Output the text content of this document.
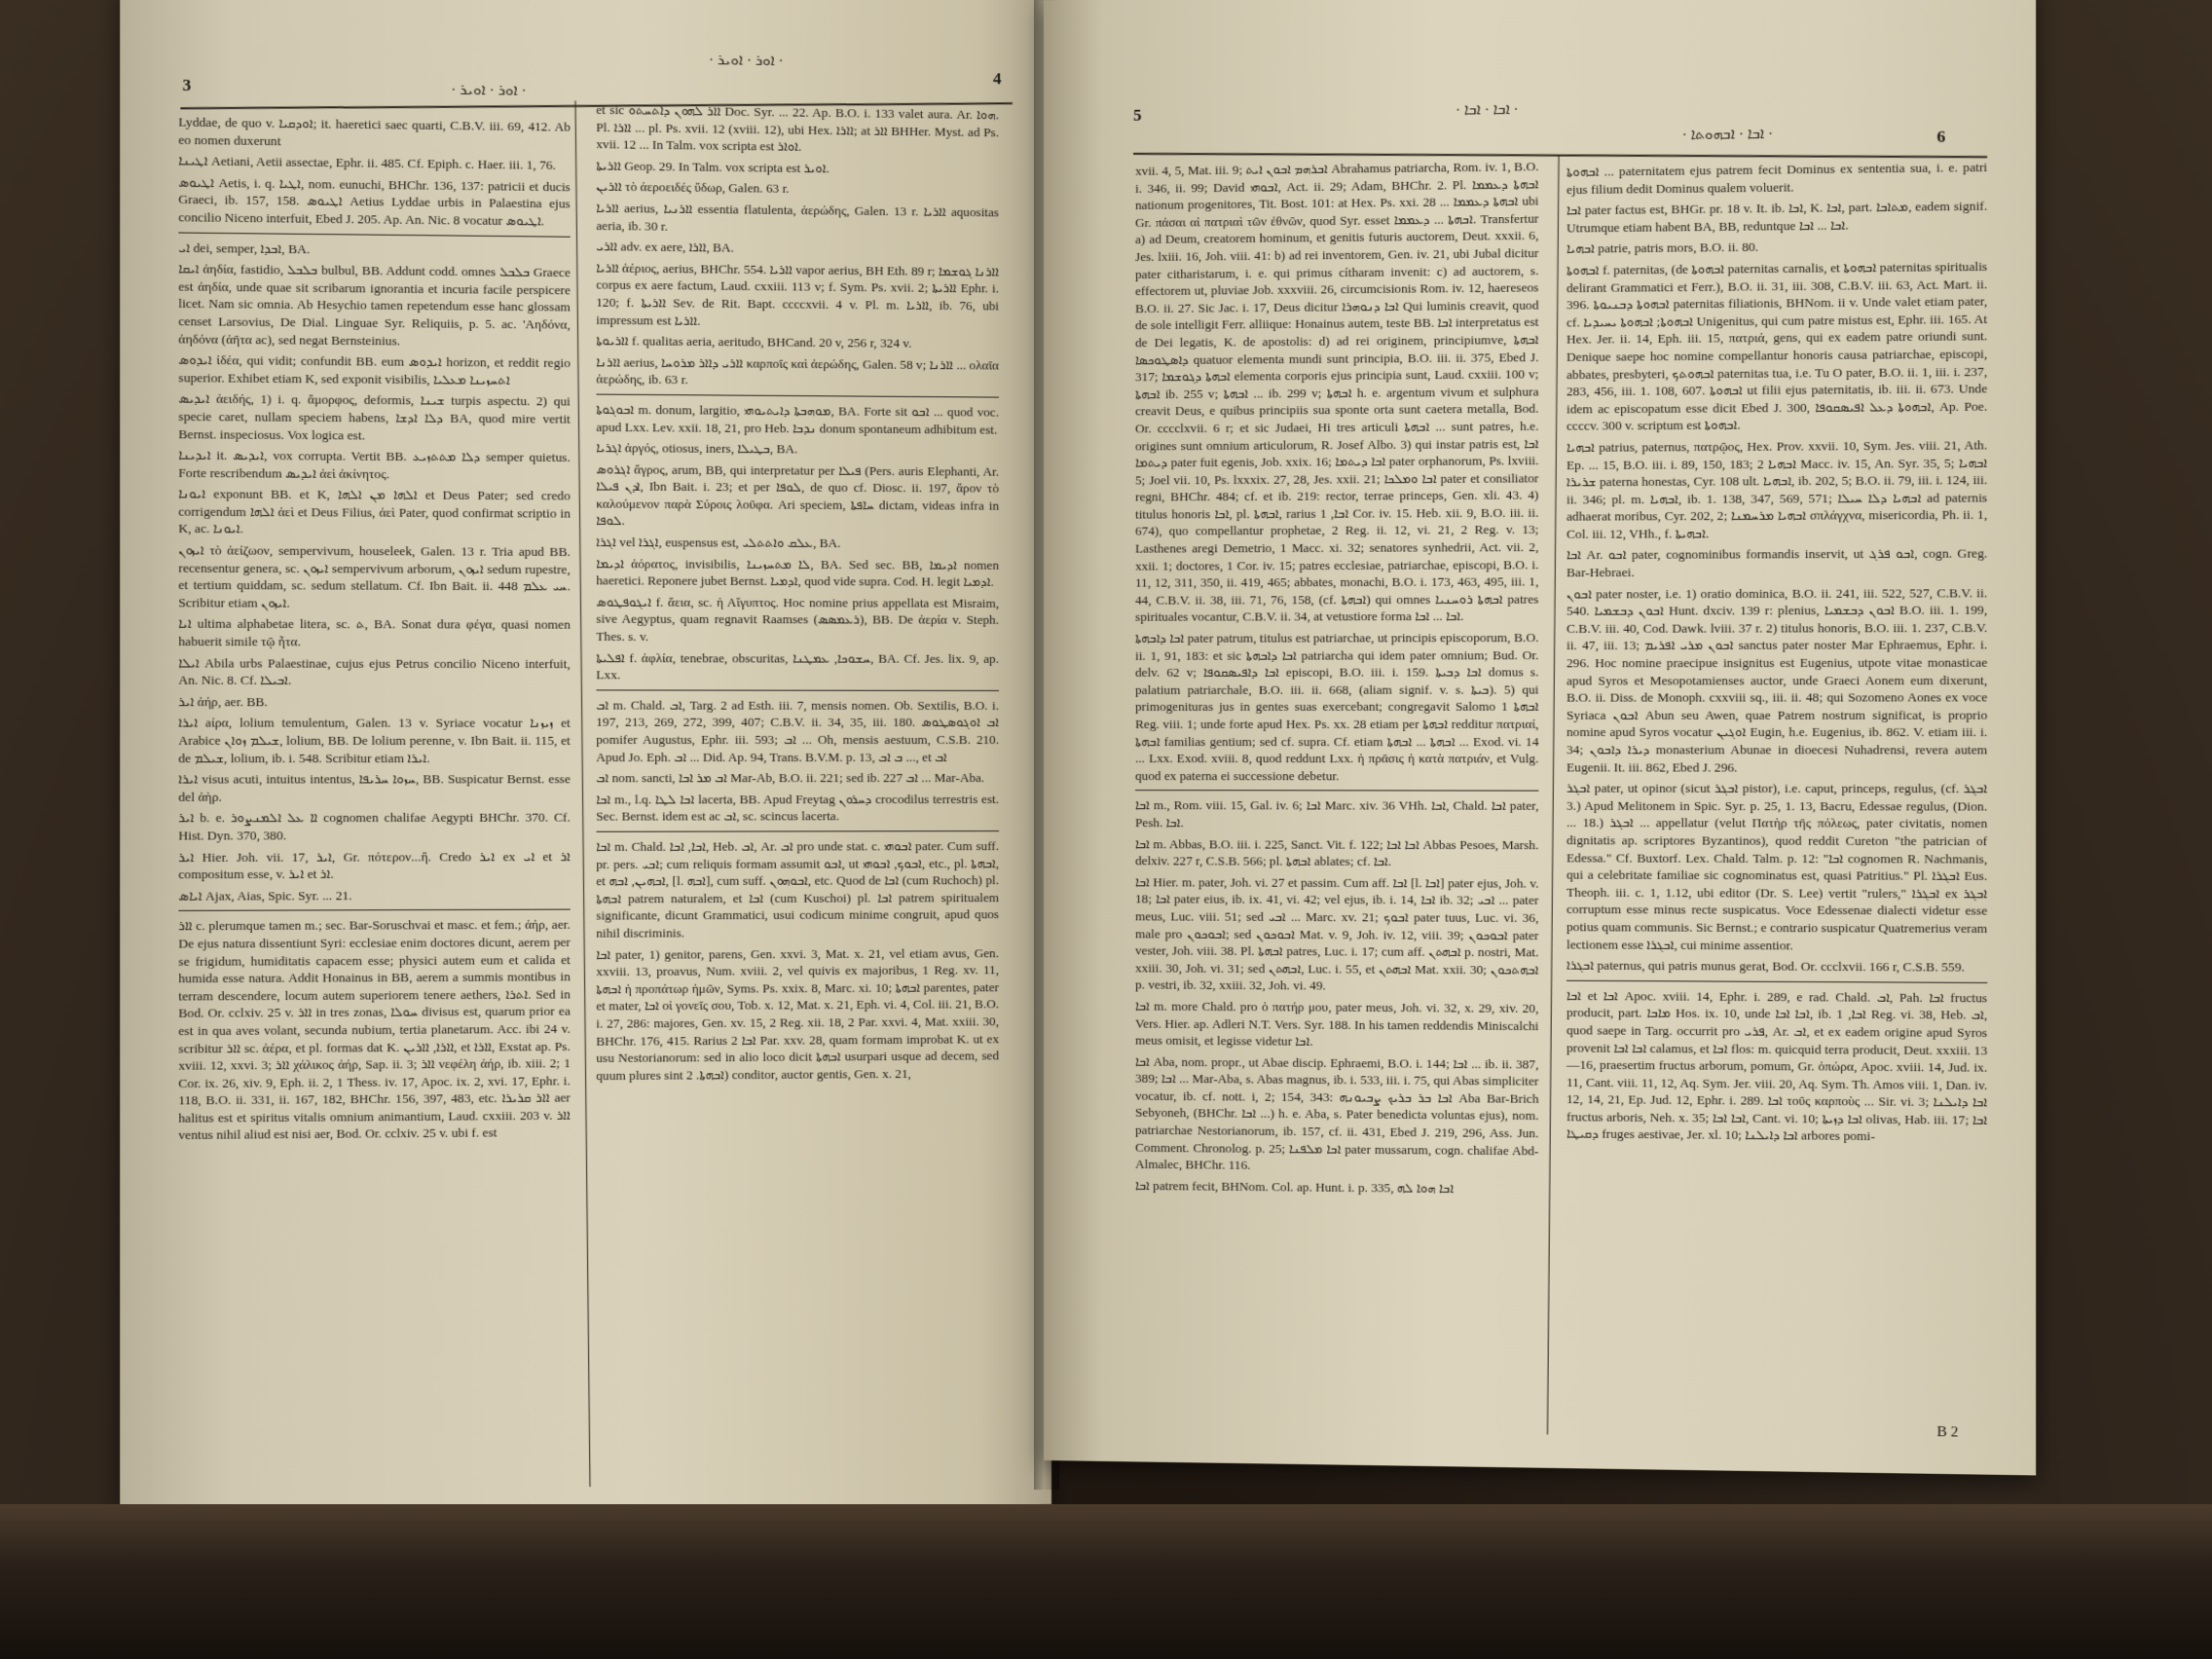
3	· ܐܘܪ · ܐܘܝܪ ·
· ܐܘܪ · ܐܘܝܪ ·
4

Lyddae, de quo v. ܐܘܕܩܝܐ; it. haeretici saec quarti, C.B.V. iii. 69, 412. Ab eo nomen duxerunt

ܐܛܝܢܐ Aetiani, Aetii assectae, Ephr. ii. 485. Cf. Epiph. c. Haer. iii. 1, 76.

ܐܛܝܘܣ Aetis, i. q. ܐܛܝܐ, nom. eunuchi, BHChr. 136, 137: patricii et ducis Graeci, ib. 157, 158. ܐܛܝܘܣ Aetius Lyddae urbis in Palaestina ejus concilio Niceno interfuit, Ebed J. 205. Ap. An. Nic. 8 vocatur ܐܛܝܘܣ.

ܐܝ dei, semper, ܐܒܕܐ, BA.

ܐܝܩܐ ἀηδία, fastidio, ܒܠܒܠ bulbul, BB. Addunt codd. omnes ܒܠܒܠ Graece est ἀηδία, unde quae sit scribarum ignorantia et incuria facile perspicere licet. Nam sic omnia. Ab Hesychio tamen repetendum esse hanc glossam censet Larsovius, De Dial. Linguae Syr. Reliquiis, p. 5. ac. 'Αηδόνα, ἀηδόνα (ἀῆτα ac), sed negat Bernsteinius.

ܐܝܕܘܣ ἰδέα, qui vidit; confundit BB. eum ܐܝܕܘܣ horizon, et reddit regio superior. Exhibet etiam K, sed exponit visibilis, ܐܬܚܙܝܢܐ ܡܥܠܝܐ

ܐܝܕܝܣ ἀειδής, 1) i. q. ἄμορφος, deformis, ܫܝܢܐ turpis aspectu. 2) qui specie caret, nullam speciem habens, ܕܠܐ ܐܕܫܐ BA, quod mire vertit Bernst. inspeciosus. Vox logica est.

ܐܝܕܝܢܐ it. ܐܝܕܝܣ, vox corrupta. Vertit BB. ܕܠܐ ܡܬܬܙܝܥ semper quietus. Forte rescribendum ܐܝܕܝܣ ἀεὶ ἀκίνητος.

ܐܝܘܢܐ exponunt BB. et K, ܐܠܗܐ ܡܢ ܐܠܗܐ et Deus Pater; sed credo corrigendum ܐܠܗܐ ἀεὶ et Deus Filius, ἀεὶ Pater, quod confirmat scriptio in K, ac. ܐܝܘܢܐ.

ܐܝܙܘܢ τὸ ἀείζωον, sempervivum, houseleek, Galen. 13 r. Tria apud BB. recensentur genera, sc. ܐܝܙܘܢ sempervivum arborum, ܐܝܙܘܢ sedum rupestre, et tertium quiddam, sc. sedum stellatum. Cf. Ibn Bait. ii. 448 ܚܝ ܥܠܡ. Scribitur etiam ܐܝܙܘܢ.

ܐܝܐ ultima alphabetae litera, sc. ܬ, BA. Sonat dura φέγα, quasi nomen habuerit simile τῷ ἦτα.

ܐܝܠܐ Abila urbs Palaestinae, cujus ejus Petrus concilio Niceno interfuit, An. Nic. 8. Cf. ܐܒܝܠܐ.

ܐܝܪ ἀήρ, aer. BB.

ܐܝܪܐ aίρα, lolium temulentum, Galen. 13 v. Syriace vocatur ܙܝܙܢܐ et Arabice ܫܝܠܡ ܙܘܐܢ, lolium, BB. De lolium perenne, v. Ibn Bait. ii. 115, et de ܫܝܠܡ, lolium, ib. i. 548. Scribitur etiam ܐܝܪܐ.

ܐܝܪܐ visus acuti, intuitus intentus, ܚܙܘܐ ܚܪܝܦܐ, BB. Suspicatur Bernst. esse del ἀὴρ.

ܐܝܪ b. e. ܐܐ ܥܠ ܐܠܡܢܨܘܪ cognomen chalifae Aegypti BHChr. 370. Cf. Hist. Dyn. 370, 380.

ܐܝܪ Hier. Joh. vii. 17, ܐܝܪ, Gr. πότερον...ἢ. Credo ܐܝܪ ex ܐܝ et ܐܪ compositum esse, v. ܐܝܪ et ܐܪ.

ܐܝܐܣ Ajax, Aias, Spic. Syr. ... 21.

ܐܐܪ c. plerumque tamen m.; sec. Bar-Soruschvai et masc. et fem.; ἀήρ, aer. De ejus natura dissentiunt Syri: ecclesiae enim doctores dicunt, aerem per se frigidum, humiditatis capacem esse; physici autem eum et calida et humida esse natura. Addit Honainus in BB, aerem a summis montibus in terram descendere, locum autem superiorem tenere aethers, ܐܬܪܐ. Sed in Bod. Or. cclxiv. 25 v. ܐܐܪ in tres zonas, ܚܘܠܐ divisus est, quarum prior ea est in qua aves volant, secunda nubium, tertia planetarum. Acc. ibi 24 v. scribitur ܐܐܪ sc. ἀέρα, et pl. formas dat K. ܐܐܪܐ, ܐܐܪܝܢ, et ܐܐܪܐ, Exstat ap. Ps. xviii. 12, xxvi. 3; ܐܐܪ χάλικος ἀήρ, Sap. ii. 3; ܐܐܪ νεφέλη ἀήρ, ib. xiii. 2; 1 Cor. ix. 26, xiv. 9, Eph. ii. 2, 1 Thess. iv. 17, Apoc. ix. 2, xvi. 17, Ephr. i. 118, B.O. ii. 331, ii. 167, 182, BHChr. 156, 397, 483, etc. ܐܐܪ ܩܪܝܪܐ aer halitus est et spiritus vitalis omnium animantium, Laud. cxxiii. 203 v. ܐܐܪ ventus nihil aliud est nisi aer, Bod. Or. cclxiv. 25 v. ubi f. est

et sic ܐܐܪ ܠܗܘܢ ܕܐܬܚܬܘ Doc. Syr. ... 22. Ap. B.O. i. 133 valet aura. Ar. ܗܘܐ. Pl. ܐܐܪܐ ... pl. Ps. xvii. 12 (xviii. 12), ubi Hex. ܐܐܪܐ; at ܐܐܪ BHHer. Myst. ad Ps. xvii. 12 ... In Talm. vox scripta est ܐܘܐܪ.

ܐܐܪܝܬܐ Geop. 29. In Talm. vox scripta est ܐܘܝܪ.

ܐܐܪܝܢ τὸ ἀεροειδές ὕδωρ, Galen. 63 r.

ܐܐܪܝܐ aerius, ܐܐܪܢܝܐ essentia flatulenta, ἀερώδης, Galen. 13 r. ܐܐܪܝܐ aquositas aeria, ib. 30 r.

ܐܐܪܝ adv. ex aere, ܐܐܪܐ, BA.

ܐܐܪܝܐ ἀέριος, aerius, BHChr. 554. ܐܐܪܝܐ vapor aerius, BH Eth. 89 r; ܐܐܪܢܐ ܓܘܫܡܐ corpus ex aere factum, Laud. cxxiii. 113 v; f. Sym. Ps. xvii. 2; ܐܐܪܝܬܐ Ephr. i. 120; f. ܐܐܪܝܬܐ Sev. de Rit. Bapt. ccccxvii. 4 v. Pl. m. ܐܐܪܝܐ, ib. 76, ubi impressum est ܐܐܪܝܐ.

ܐܐܪܝܘܬܐ f. qualitas aeria, aeritudo, BHCand. 20 v, 256 r, 324 v.

ܐܐܪܢܐ aerius, ܐܐܪܝ ܕܐܐܪ ܡܪܘܚܐ καρποῖς καὶ ἀερώδης, Galen. 58 v; ܐܐܪܢܐ ... ολαῖα ἀερώδης, ib. 63 r.

ܐܒܘܓܘܬܐ m. donum, largitio, ܡܘܗܒܬܐ ܕܐܝܬܝܘܗܝ, BA. Forte sit ܐܒܘ ... quod voc. apud Lxx. Lev. xxii. 18, 21, pro Heb. ܢܕܒܐ donum spontaneum adhibitum est.

ܐܓܪܝܐ ἀργός, otiosus, iners, ܒܛܝܠܐ, BA.

ܐܓܪܘܣ ἄγρος, arum, BB, qui interpretatur per ܦܝܠܐ (Pers. auris Elephanti, Ar. ܐܕܢ ܦܝܠܐ, Ibn Bait. i. 23; et per ܠܘܦܐ, de quo cf. Diosc. ii. 197, ἄρον τὸ καλούμενον παρὰ Σύροις λοῦφα. Ari speciem, ܚܐܦܬܐ dictam, videas infra in ܠܘܦܐ.

ܐܓܪܐ vel ܐܓܪܐ, euspensus est, ܥܠܩ ܘܐܬܬܠܝ, BA.

ܐܕܝܡܐ ἀόρατος, invisibilis, ܠܐ ܡܬܚܙܝܢܐ, BA. Sed sec. BB, ܐܕܝܡܐ nomen haeretici. Reponere jubet Bernst. ܐܕܡܝܐ, quod vide supra. Cod. H. legit ܐܕܡܝܐ.

ܐܝܓܘܦܛܘܣ f. ἄεια, sc. ἡ Αἴγυπτος. Hoc nomine prius appellata est Misraim, sive Aegyptus, quam regnavit Raamses (ܪܥܡܣܣ), BB. De ἀερία v. Steph. Thes. s. v.

ܐܦܠܝܬܐ f. ἀφλία, tenebrae, obscuritas, ܚܫܘܟܐ, ܥܡܛܢܐ, BA. Cf. Jes. lix. 9, ap. Lxx.

ܐܒ m. Chald. ܐܒ, Targ. 2 ad Esth. iii. 7, mensis nomen. Ob. Sextilis, B.O. i. 197, 213, 269, 272, 399, 407; C.B.V. ii. 34, 35, iii. 180. ܐܒ ܐܘܓܘܣܛܘܣ pomifer Augustus, Ephr. iii. 593; ܐܒ ... Oh, mensis aestuum, C.S.B. 210. Apud Jo. Eph. ܐܒ ... Did. Ap. 94, Trans. B.V.M. p. 13, ܒ ܐܒ ..., et ܐܒ

ܐܒ nom. sancti, ܐܒ ܡܪ ܐܒܐ Mar-Ab, B.O. ii. 221; sed ib. 227 ܐܒ ... Mar-Aba.

ܐܒܐ m., l.q. ܐܒܐ ܠܛܐ lacerta, BB. Apud Freytag ܕܚܪܘܢ crocodilus terrestris est. Sec. Bernst. idem est ac ܐܒ, sc. scincus lacerta.

ܐܒܐ m. Chald. ܐܒܐ, ܐܒܐ, Heb. ܐܒ, Ar. ܐܒ pro unde stat. c. ܐܒܘܗܝ pater. Cum suff. pr. pers. ܐܒܝ; cum reliquis formam assumit ܐܒܘ, ut ܐܒܘܟ, ܐܒܘܗܝ, etc., pl. ܐܒܗܬܐ, et ܐܒܗܝܢ, ܐܒܗ, [l. ܐܒܗ], cum suff. ܐܒܘܗܘܢ, etc. Quod de ܐܒܐ (cum Ruchoch) pl. ܐܒܗܬܐ patrem naturalem, et ܐܒܐ (cum Kuschoi) pl. ܐܒܐ patrem spiritualem significante, dicunt Grammatici, usui codicum minime congruit, apud quos nihil discriminis.

ܐܒܐ pater, 1) genitor, parens, Gen. xxvi. 3, Mat. x. 21, vel etiam avus, Gen. xxviii. 13, proavus, Num. xviii. 2, vel quivis ex majoribus, 1 Reg. xv. 11, ܐܒܗܬܐ ἡ προπάτωρ ἡμῶν, Syms. Ps. xxix. 8, Marc. xi. 10; ܐܒܗܬܐ parentes, pater et mater, ܐܒܐ οἱ γονεῖς σου, Tob. x. 12, Mat. x. 21, Eph. vi. 4, Col. iii. 21, B.O. i. 27, 286: majores, Gen. xv. 15, 2 Reg. xii. 18, 2 Par. xxvi. 4, Mat. xxiii. 30, BHChr. 176, 415. Rarius ܐܒܐ 2 Par. xxv. 28, quam formam improbat K. ut ex usu Nestorianorum: sed in alio loco dicit ܐܒܗܬܐ usurpari usque ad decem, sed quum plures sint ܐܒܗܬܐ. 2) conditor, auctor gentis, Gen. x. 21,

5	· ܐܒܐ · ܐܒܐ ·
· ܐܒܐ · ܐܒܗܘܬܐ ·	6

xvii. 4, 5, Mat. iii. 9; ܐܒܪܗܡ ܐܒܘܢ ܐܝܬ Abrahamus patriarcha, Rom. iv. 1, B.O. i. 346, ii. 99; David ܐܒܘܗܝ, Act. ii. 29; Adam, BHChr. 2. Pl. ܐܒܗܬܐ ܕܥܡܡܐ nationum progenitores, Tit. Bost. 101: at Hex. Ps. xxi. 28 ... ܐܒܗܬܐ ܕܥܡܡܐ ubi Gr. πάσαι αἱ πατριαὶ τῶν ἐθνῶν, quod Syr. esset ܐܒܗܬܐ ... ܕܥܡܡܐ. Transfertur a) ad Deum, creatorem hominum, et genitis futuris auctorem, Deut. xxxii. 6, Jes. lxiii. 16, Joh. viii. 41: b) ad rei inventorem, Gen. iv. 21, ubi Jubal dicitur pater citharistarum, i. e. qui primus cítharam invenit: c) ad auctorem, s. effectorem ut, pluviae Job. xxxviii. 26, circumcisionis Rom. iv. 12, haereseos B.O. ii. 27. Sic Jac. i. 17, Deus dicitur ܐܒܐ ܕܢܘܗܪܐ Qui luminis creavit, quod de sole intelligit Ferr. alliique: Honainus autem, teste BB. ܐܒܐ interpretatus est de Dei legatis, K. de apostolis: d) ad rei originem, principiumve, ܐܒܗܬܐ ܕܐܣܛܘܟܣܐ quatuor elementa mundi sunt principia, B.O. iii. ii. 375, Ebed J. 317; ܐܒܗܬܐ ܕܓܘܫܡܐ elementa corporis ejus principia sunt, Laud. cxxiii. 100 v; ܐܒܗܬܐ ib. 255 v; ܐܒܗܬܐ ... ib. 299 v; ܐܒܗܬܐ h. e. argentum vivum et sulphura creavit Deus, e quibus principiis sua sponte orta sunt caetera metalla, Bod. Or. cccclxvii. 6 r; et sic Judaei, Hi tres articuli ܐܒܗܬܐ ... sunt patres, h.e. origines sunt omnium articulorum, R. Josef Albo. 3) qui instar patris est, ܐܒܐ ܕܝܬܡܐ pater fuit egenis, Job. xxix. 16; ܐܒܐ ܕܝܬܡܐ pater orphanorum, Ps. lxviii. 5; Joel vii. 10, Ps. lxxxix. 27, 28, Jes. xxii. 21; ܐܒܐ ܘܡܠܟܐ pater et consiliator regni, BHChr. 484; cf. et ib. 219: rector, terrae princeps, Gen. xli. 43. 4) titulus honoris ܐܒܐ, pl. ܐܒܗܬܐ, rarius ܐܒܐ, 1 Cor. iv. 15. Heb. xii. 9, B.O. iii. ii. 674), quo compellantur prophetae, 2 Reg. ii. 12, vi. 21, 2 Reg. v. 13; Lasthenes aregi Demetrio, 1 Macc. xi. 32; senatores synhedrii, Act. vii. 2, xxii. 1; doctores, 1 Cor. iv. 15; patres ecclesiae, patriarchae, episcopi, B.O. i. 11, 12, 311, 350, ii. 419, 465; abbates, monachi, B.O. i. 173, 463, 495, iii. 1, 44, C.B.V. ii. 38, iii. 71, 76, 158, (cf. ܐܒܗܬܐ) qui omnes ܐܒܗܬܐ ܪܘܚܢܝܐ patres spirituales vocantur, C.B.V. ii. 34, at vetustiore forma ܐܒܐ ... ܐܒܐ.

ܐܒܐ ܕܐܒܗܬܐ pater patrum, titulus est patriarchae, ut principis episcoporum, B.O. ii. 1, 91, 183: et sic ܐܒܐ ܕܐܒܗܬܐ patriarcha qui idem pater omnium; Bud. Or. delv. 62 v; ܐܒܐ ܕܐܦܝܣܩܘܦܐ episcopi, B.O. iii. i. 159. ܐܒܐ ܕܒܝܬܐ domus s. palatium patriarchale, B.O. iii. ii. 668, (aliam signif. v. s. ܒܝܬܐ). 5) qui primogenituras jus in gentes suas exercebant; congregavit Salomo ܐܒܗܬܐ 1 Reg. viii. 1; unde forte apud Hex. Ps. xx. 28 etiam per ܐܒܗܬܐ redditur πατριαί, ܐܒܗܬܐ familias gentium; sed cf. supra. Cf. etiam ܐܒܗܬܐ ... ܐܒܗܬܐ ... Exod. vi. 14 ... Lxx. Exod. xviii. 8, quod reddunt Lxx. ἡ πρᾶσις ἡ κατὰ πατριάν, et Vulg. quod ex paterna ei successione debetur.

ܐܒܐ m., Rom. viii. 15, Gal. iv. 6; ܐܒܐ Marc. xiv. 36 VHh. ܐܒܐ, Chald. ܐܒܐ pater, Pesh. ܐܒܐ.

ܐܒܐ m. Abbas, B.O. iii. i. 225, Sanct. Vit. f. 122; ܐܒܐ ܐܒܐ Abbas Pesoes, Marsh. delxiv. 227 r, C.S.B. 566; pl. ܐܒܗܬܐ ablates; cf. ܐܒܐ.

ܐܒܐ Hier. m. pater, Joh. vi. 27 et passim. Cum aff. ܐܒܐ [l. ܐܒܐ] pater ejus, Joh. v. 18; ܐܒܐ pater eius, ib. ix. 41, vi. 42; vel ejus, ib. i. 14, ܐܒܐ ib. 32; ܐܒܝ ... pater meus, Luc. viii. 51; sed ܐܒܝ ... Marc. xv. 21; ܐܒܘܟ pater tuus, Luc. vi. 36, male pro ܐܒܘܟܘܢ; sed ܐܒܘܟܘܢ Mat. v. 9, Joh. iv. 12, viii. 39; ܐܒܘܟܘܢ pater vester, Joh. viii. 38. Pl. ܐܒܗܬܐ patres, Luc. i. 17; cum aff. ܐܒܗܬܢ p. nostri, Mat. xxiii. 30, Joh. vi. 31; sed ܐܒܗܬܢ, Luc. i. 55, et ܐܒܗܬܢ Mat. xxii. 30; ܐܒܗܬܟܘܢ p. vestri, ib. 32, xxiii. 32, Joh. vi. 49.

ܐܒܐ m. more Chald. pro ὁ πατήρ μου, pater meus, Joh. vi. 32, x. 29, xiv. 20, Vers. Hier. ap. Adleri N.T. Vers. Syr. 188. In his tamen reddendis Miniscalchi meus omisit, et legisse videtur ܐܒܐ.

ܐܒܐ Aba, nom. propr., ut Abae discip. Ephraemi, B.O. i. 144; ܐܒܐ ... ib. ii. 387, 389; ܐܒܐ ... Mar-Aba, s. Abas magnus, ib. i. 533, iii. i. 75, qui Abas simpliciter vocatur, ib. cf. nott. i, 2; 154, 343: ܐܒܐ ܒܪ ܒܪܝܟ ܨܒܝܘܢܗ Aba Bar-Brich Sebyoneh, (BHChr. ܐܒܐ ...) h. e. Aba, s. Pater benedicta voluntas ejus), nom. patriarchae Nestorianorum, ib. 157, cf. ii. 431, Ebed J. 219, 296, Ass. Jun. Comment. Chronolog. p. 25; ܐܒܐ ܡܠܦܢܐ pater mussarum, cogn. chalifae Abd-Almalec, BHChr. 116.

ܐܒܐ patrem fecit, BHNom. Col. ap. Hunt. i. p. 335, ܐܒܐ ܗܘܐ ܠܗ

ܐܒܗܘܬܐ ... paternitatem ejus patrem fecit Dominus ex sententia sua, i. e. patri ejus filium dedit Dominus qualem voluerit.

ܐܒܐ pater factus est, BHGr. pr. 18 v. It. ib. ܐܒܐ, K. ܐܒܐ, part. ܡܬܐܒܐ, eadem signif. Utrumque etiam habent BA, BB, reduntque ܐܒܐ ... ܐܒܐ.

ܐܒܗܝܐ patrie, patris mors, B.O. ii. 80.

ܐܒܗܘܬܐ f. paternitas, (de ܐܒܗܘܬܐ paternitas carnalis, et ܐܒܗܘܬܐ paternitas spiritualis delirant Grammatici et Ferr.), B.O. ii. 31, iii. 308, C.B.V. iii. 63, Act. Mart. ii. 396. ܐܒܗܘܬܐ ܕܒܢܝܘܬܐ paternitas filiationis, BHNom. ii v. Unde valet etiam pater, cf. ܐܒܗܘܬܐ; ܐܒܗܘܬܐ ܝܚܝܕܝܐ Unigenitus, qui cum patre mistus est, Ephr. iii. 165. At Hex. Jer. ii. 14, Eph. iii. 15, πατριά, gens, qui ex eadem patre oriundi sunt. Denique saepe hoc nomine compellantur honoris causa patriarchae, episcopi, abbates, presbyteri, ܐܒܗܘܬܟ paternitas tua, i.e. Tu O pater, B.O. ii. 1, iii. i. 237, 283, 456, iii. 1. 108, 607. ܐܒܗܘܬܐ ut filii ejus paternitatis, ib. iii. ii. 673. Unde idem ac episcopatum esse dicit Ebed J. 300, ܐܒܗܘܬܐ ܕܥܠ ܐܦܝܣܩܘܦܐ, Ap. Poe. ccccv. 300 v. scriptum est ܐܒܗܘܬܐ.

ܐܒܗܝܐ patrius, paternus, πατρῷος, Hex. Prov. xxvii. 10, Sym. Jes. viii. 21, Ath. Ep. ... 15, B.O. iii. i. 89, 150, 183; ܐܒܗܝܐ 2 Macc. iv. 15, An. Syr. 35, 5; ܐܒܗܝܐ ܫܪܝܪܐ paterna honestas, Cyr. 108 ult. ܐܒܗܝܐ, ib. 202, 5; B.O. ii. 79, iii. i. 124, iii. ii. 346; pl. m. ܐܒܗܝܐ, ib. 1. 138, 347, 569, 571; ܐܒܗܝܐ ܕܠܐ ܚܝܠܐ ad paternis adhaerat moribus, Cyr. 202, 2; ܐܒܗܝܐ ܡܪܚܡܢܐ σπλάγχνα, misericordia, Ph. ii. 1, Col. iii. 12, VHh., f. ܐܒܗܝܬܐ.

ܐܒܐ Ar. ܐܒܘ pater, cognominibus formandis inservit, ut ܐܒܘ ܦܪܓ, cogn. Greg. Bar-Hebraei.

ܐܒܘܢ pater noster, i.e. 1) oratio dominica, B.O. ii. 241, iii. 522, 527, C.B.V. ii. 540. ܐܒܘܢ ܕܒܫܡܝܐ Hunt. dxciv. 139 r: plenius, ܐܒܘܢ ܕܒܫܡܝܐ B.O. iii. 1. 199, C.B.V. iii. 40, Cod. Dawk. lviii. 37 r. 2) titulus honoris, B.O. iii. 1. 237, C.B.V. ii. 47, iii. 13; ܐܒܘܢ ܡܪܝ ܐܦܪܝܡ sanctus pater noster Mar Ephraemus, Ephr. i. 296. Hoc nomine praecipue insignitus est Eugenius, utpote vitae monasticae apud Syros et Mesopotamienses auctor, unde Graeci Aonem eum dixerunt, B.O. ii. Diss. de Monoph. cxxviii sq., iii. ii. 48; qui Sozomeno Aones ex voce Syriaca ܐܒܘܢ Abun seu Awen, quae Patrem nostrum significat, is proprio nomine apud Syros vocatur ܐܘܓܝܢ Eugin, h.e. Eugenius, ib. 862. V. etiam iii. i. 34; ܕܝܪܐ ܕܐܒܘܢ monasterium Abunae in dioecesi Nuhadrensi, revera autem Eugenii. It. iii. 862, Ebed J. 296.

ܐܒܓܪ pater, ut opinor (sicut ܐܒܓܪ pistor), i.e. caput, princeps, regulus, (cf. ܐܒܓܪ 3.) Apud Melitonem in Spic. Syr. p. 25, 1. 13, Bacru, Edessae regulus, (Dion. ... 18.) ܐܒܓܪ ... appellatur (velut Πατὴρ τῆς πόλεως, pater civitatis, nomen dignitatis ap. scriptores Byzantinos), quod reddit Cureton "the patrician of Edessa." Cf. Buxtorf. Lex. Chald. Talm. p. 12: "ܐܒܐ cognomen R. Nachmanis, qui a celebritate familiae sic cognominatus est, quasi Patritius." Pl. ܐܒܓܪܐ Eus. Theoph. iii. c. 1, 1.12, ubi editor (Dr. S. Lee) vertit "rulers," ܐܒܓܪܐ ex ܐܒܓܪ corruptum esse minus recte suspicatus. Voce Edessenae dialecti videtur esse potius quam communis. Sic Bernst.; e contrario suspicatur Quatremerius veram lectionem esse ܐܒܓܪܐ, cui minime assentior.

ܐܒܓܪܐ paternus, qui patris munus gerat, Bod. Or. ccclxvii. 166 r, C.S.B. 559.

ܐܒܐ et ܐܒܐ Apoc. xviii. 14, Ephr. i. 289, e rad. Chald. ܐܒ, Pah. ܐܒܐ fructus producit, part. ܡܐܒܐ Hos. ix. 10, unde ܐܒܐ ܐܒܐ, ib. ܐܒܐ, 1 Reg. vi. 38, Heb. ܐܒ, quod saepe in Targ. occurrit pro ܦܪܝ, Ar. ܐܒ, et ex eadem origine apud Syros provenit ܐܒܐ ܐܒܐ calamus, et ܐܒܐ flos: m. quicquid terra producit, Deut. xxxiii. 13—16, praesertim fructus arborum, pomum, Gr. ὀπώρα, Apoc. xviii. 14, Jud. ix. 11, Cant. viii. 11, 12, Aq. Sym. Jer. viii. 20, Aq. Sym. Th. Amos viii. 1, Dan. iv. 12, 14, 21, Ep. Jud. 12, Ephr. i. 289. ܐܒܐ τοῦς καρποὺς ... Sir. vi. 3; ܐܒܐ ܕܐܝܠܢܐ fructus arboris, Neh. x. 35; ܐܒܐ ܐܒܐ, Cant. vi. 10; ܐܒܐ ܕܙܝܬܐ olivas, Hab. iii. 17; ܐܒܐ ܕܩܝܛܐ fruges aestivae, Jer. xl. 10; ܐܒܐ ܕܐܝܠܢܐ arbores pomi-

B 2
